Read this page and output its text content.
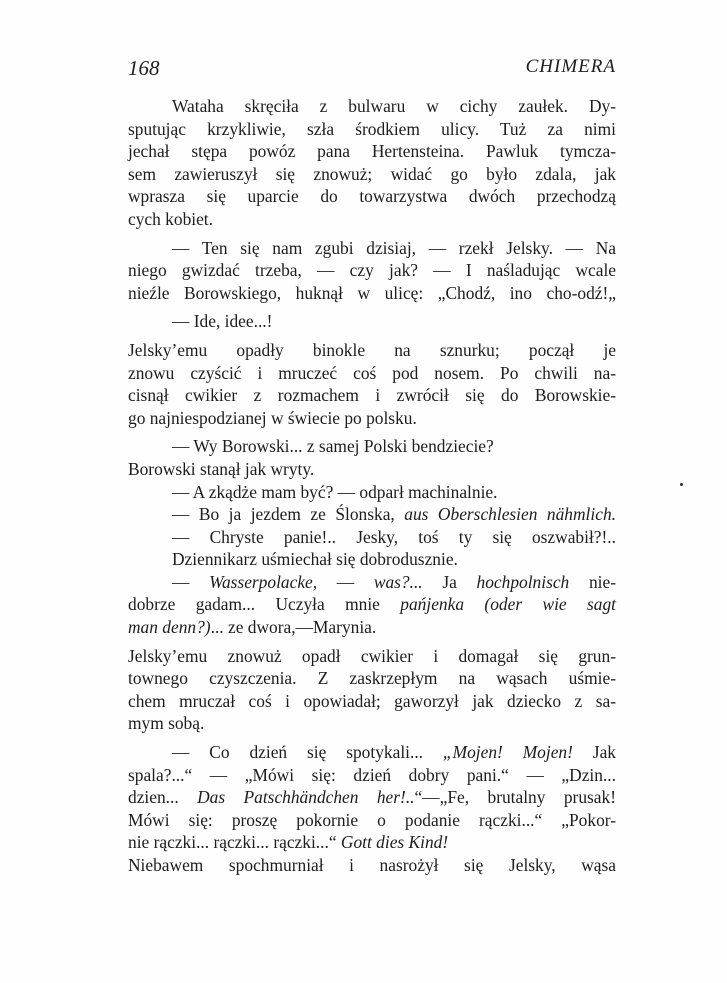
168	CHIMERA
Wataha skręciła z bulwaru w cichy zaułek. Dy-
sputując krzykliwie, szła środkiem ulicy. Tuż za nimi
jechał stępa powóz pana Hertensteina. Pawluk tymcza-
sem zawieruszył się znowuż; widać go było zdala, jak
wprasza się uparcie do towarzystwa dwóch przechodzą
cych kobiet.
— Ten się nam zgubi dzisiaj, — rzekł Jelsky. — Na
niego gwizdać trzeba, — czy jak? — I naśladując wcale
nieźle Borowskiego, huknął w ulicę: „Chodź, ino cho-odź!„
— Ide, idee...!
Jelsky’emu opadły binokle na sznurku; począł je
znowu czyścić i mruczeć coś pod nosem. Po chwili na-
cisnął cwikier z rozmachem i zwrócił się do Borowskie-
go najniespodzianej w świecie po polsku.
— Wy Borowski... z samej Polski bendziecie?
Borowski stanął jak wryty.
— A zkądże mam być? — odparł machinalnie.
— Bo ja jezdem ze Ślonska, aus Oberschlesien nähmlich.
— Chryste panie!.. Jesky, toś ty się oszwabił?!..
Dziennikarz uśmiechał się dobrodusznie.
— Wasserpolacke, — was?... Ja hochpolnisch nie-
dobrze gadam... Uczyła mnie pańjenka (oder wie sagt
man denn?)... ze dwora,—Marynia.
Jelsky’emu znowuż opadł cwikier i domagał się grun-
townego czyszczenia. Z zaskrzepłym na wąsach uśmie-
chem mruczał coś i opowiadał; gaworzył jak dziecko z sa-
mym sobą.
— Co dzień się spotykali... „Mojen! Mojen! Jak
spala?...“ — „Mówi się: dzień dobry pani.“ — „Dzin...
dzien... Das Patschhändchen her!..“—„Fe, brutalny prusak!
Mówi się: proszę pokornie o podanie rączki...“ „Pokor-
nie rączki... rączki... rączki...“ Gott dies Kind!
Niebawem spochmurniał i nasrożył się Jelsky, wąsa
